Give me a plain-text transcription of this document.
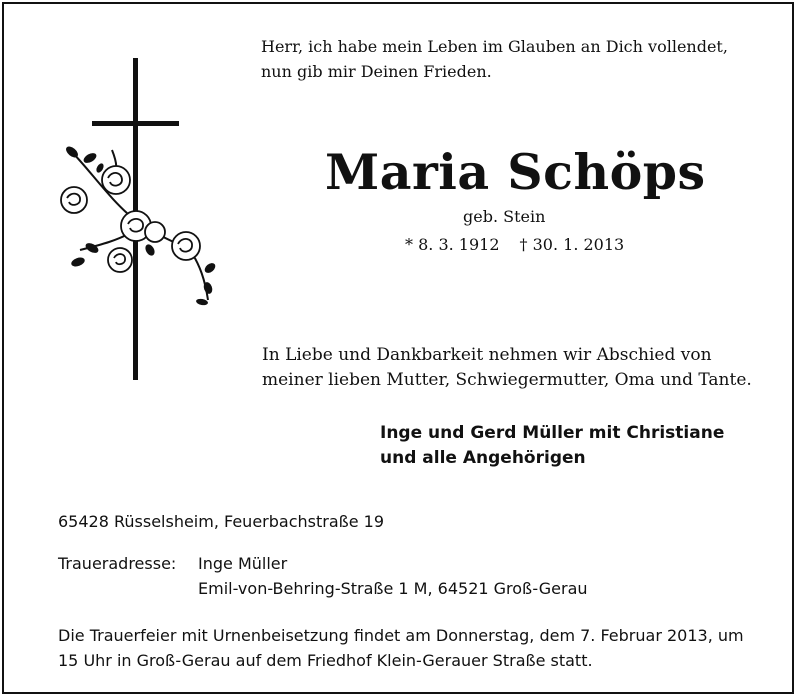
Herr, ich habe mein Leben im Glauben an Dich vollendet,
nun gib mir Deinen Frieden.
Maria Schöps
geb. Stein
* 8. 3. 1912 † 30. 1. 2013
In Liebe und Dankbarkeit nehmen wir Abschied von
meiner lieben Mutter, Schwiegermutter, Oma und Tante.
Inge und Gerd Müller mit Christiane
und alle Angehörigen
65428 Rüsselsheim, Feuerbachstraße 19
Traueradresse: Inge Müller
Emil-von-Behring-Straße 1 M, 64521 Groß-Gerau
Die Trauerfeier mit Urnenbeisetzung findet am Donnerstag, dem 7. Februar 2013, um
15 Uhr in Groß-Gerau auf dem Friedhof Klein-Gerauer Straße statt.
